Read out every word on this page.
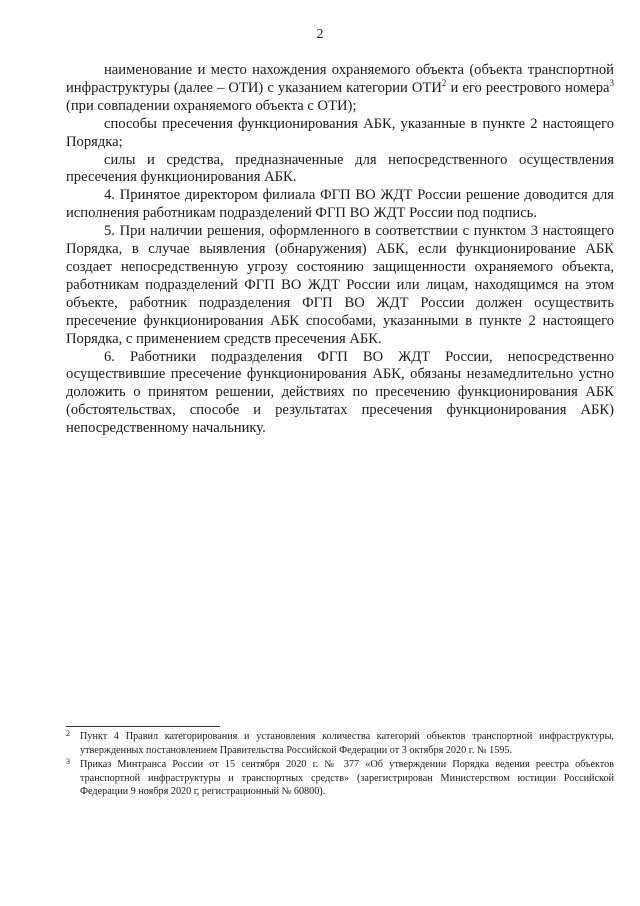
2

наименование и место нахождения охраняемого объекта (объекта транспортной инфраструктуры (далее – ОТИ) с указанием категории ОТИ$^2$ и его реестрового номера$^3$ (при совпадении охраняемого объекта с ОТИ);

способы пресечения функционирования АБК, указанные в пункте 2 настоящего Порядка;

силы и средства, предназначенные для непосредственного осуществления пресечения функционирования АБК.

4. Принятое директором филиала ФГП ВО ЖДТ России решение доводится для исполнения работникам подразделений ФГП ВО ЖДТ России под подпись.

5. При наличии решения, оформленного в соответствии с пунктом 3 настоящего Порядка, в случае выявления (обнаружения) АБК, если функционирование АБК создает непосредственную угрозу состоянию защищенности охраняемого объекта, работникам подразделений ФГП ВО ЖДТ России или лицам, находящимся на этом объекте, работник подразделения ФГП ВО ЖДТ России должен осуществить пресечение функционирования АБК способами, указанными в пункте 2 настоящего Порядка, с применением средств пресечения АБК.

6. Работники подразделения ФГП ВО ЖДТ России, непосредственно осуществившие пресечение функционирования АБК, обязаны незамедлительно устно доложить о принятом решении, действиях по пресечению функционирования АБК (обстоятельствах, способе и результатах пресечения функционирования АБК) непосредственному начальнику.

2 Пункт 4 Правил категорирования и установления количества категорий объектов транспортной инфраструктуры, утвержденных постановлением Правительства Российской Федерации от 3 октября 2020 г. № 1595.

3 Приказ Минтранса России от 15 сентября 2020 г. № 377 «Об утверждении Порядка ведения реестра объектов транспортной инфраструктуры и транспортных средств» (зарегистрирован Министерством юстиции Российской Федерации 9 ноября 2020 г, регистрационный № 60800).
